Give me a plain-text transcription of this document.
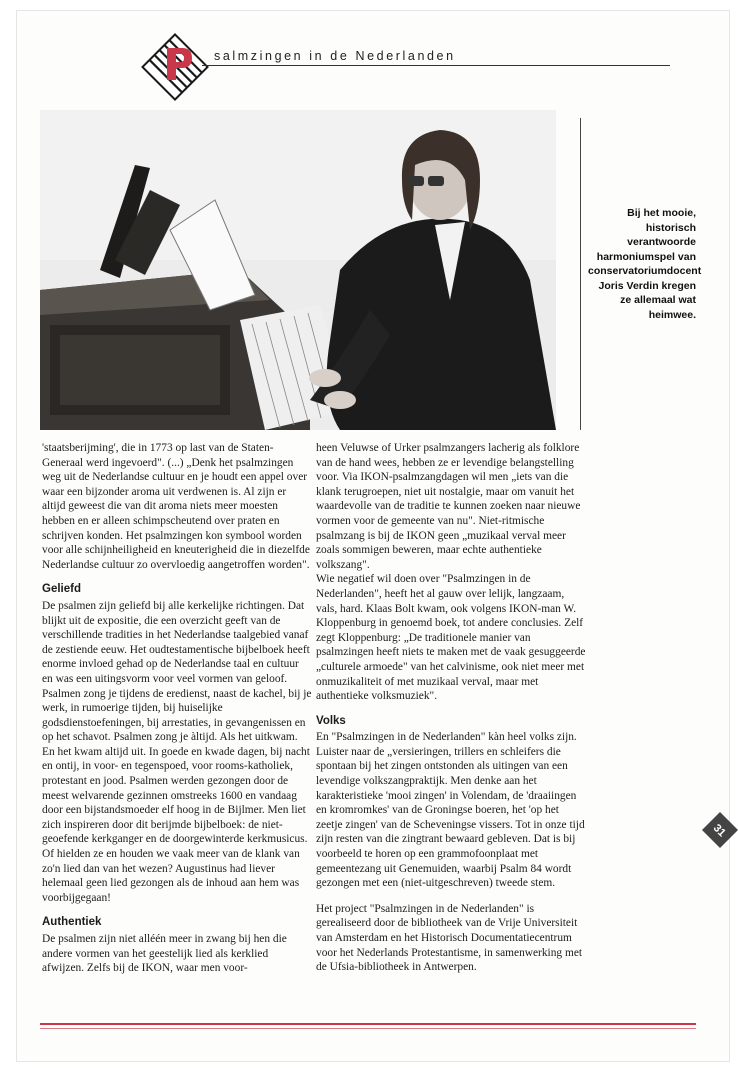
salmzingen in de Nederlanden
Bij het mooie, historisch verantwoorde harmoniumspel van conservatoriumdocent Joris Verdin kregen ze allemaal wat heimwee.

'staatsberijming', die in 1773 op last van de Staten-Generaal werd ingevoerd". (...) „Denk het psalmzingen weg uit de Nederlandse cultuur en je houdt een appel over waar een bijzonder aroma uit verdwenen is. Al zijn er altijd geweest die van dit aroma niets meer moesten hebben en er alleen schimpscheutend over praten en schrijven konden. Het psalmzingen kon symbool worden voor alle schijnheiligheid en kneuterigheid die in diezelfde Nederlandse cultuur zo overvloedig aangetroffen worden".

Geliefd

De psalmen zijn geliefd bij alle kerkelijke richtingen. Dat blijkt uit de expositie, die een overzicht geeft van de verschillende tradities in het Nederlandse taalgebied vanaf de zestiende eeuw. Het oudtestamentische bijbelboek heeft enorme invloed gehad op de Nederlandse taal en cultuur en was een uitingsvorm voor veel vormen van geloof. Psalmen zong je tijdens de eredienst, naast de kachel, bij je werk, in rumoerige tijden, bij huiselijke godsdienstoefeningen, bij arrestaties, in gevangenissen en op het schavot. Psalmen zong je àltijd. Als het uitkwam. En het kwam altijd uit. In goede en kwade dagen, bij nacht en ontij, in voor- en tegenspoed, voor rooms-katholiek, protestant en jood. Psalmen werden gezongen door de meest welvarende gezinnen omstreeks 1600 en vandaag door een bijstandsmoeder elf hoog in de Bijlmer. Men liet zich inspireren door dit berijmde bijbelboek: de niet-geoefende kerkganger en de doorgewinterde kerkmusicus. Of hielden ze en houden we vaak meer van de klank van zo'n lied dan van het wezen? Augustinus had liever helemaal geen lied gezongen als de inhoud aan hem was voorbijgegaan!

Authentiek

De psalmen zijn niet alléén meer in zwang bij hen die andere vormen van het geestelijk lied als kerklied afwijzen. Zelfs bij de IKON, waar men voor-

heen Veluwse of Urker psalmzangers lacherig als folklore van de hand wees, hebben ze er levendige belangstelling voor. Via IKON-psalmzangdagen wil men „iets van die klank terugroepen, niet uit nostalgie, maar om vanuit het waardevolle van de traditie te kunnen zoeken naar nieuwe vormen voor de gemeente van nu". Niet-ritmische psalmzang is bij de IKON geen „muzikaal verval meer zoals sommigen beweren, maar echte authentieke volkszang".

Wie negatief wil doen over "Psalmzingen in de Nederlanden", heeft het al gauw over lelijk, langzaam, vals, hard. Klaas Bolt kwam, ook volgens IKON-man W. Kloppenburg in genoemd boek, tot andere conclusies. Zelf zegt Kloppenburg: „De traditionele manier van psalmzingen heeft niets te maken met de vaak gesuggeerde „culturele armoede" van het calvinisme, ook niet meer met onmuzikaliteit of met muzikaal verval, maar met authentieke volksmuziek".

Volks

En "Psalmzingen in de Nederlanden" kàn heel volks zijn. Luister naar de „versieringen, trillers en schleifers die spontaan bij het zingen ontstonden als uitingen van een levendige volkszangpraktijk. Men denke aan het karakteristieke 'mooi zingen' in Volendam, de 'draaiingen en kromromkes' van de Groningse boeren, het 'op het zeetje zingen' van de Scheveningse vissers. Tot in onze tijd zijn resten van die zingtrant bewaard gebleven. Dat is bij voorbeeld te horen op een grammofoonplaat met gemeentezang uit Genemuiden, waarbij Psalm 84 wordt gezongen met een (niet-uitgeschreven) tweede stem.

Het project "Psalmzingen in de Nederlanden" is gerealiseerd door de bibliotheek van de Vrije Universiteit van Amsterdam en het Historisch Documentatiecentrum voor het Nederlands Protestantisme, in samenwerking met de Ufsia-bibliotheek in Antwerpen.

31
